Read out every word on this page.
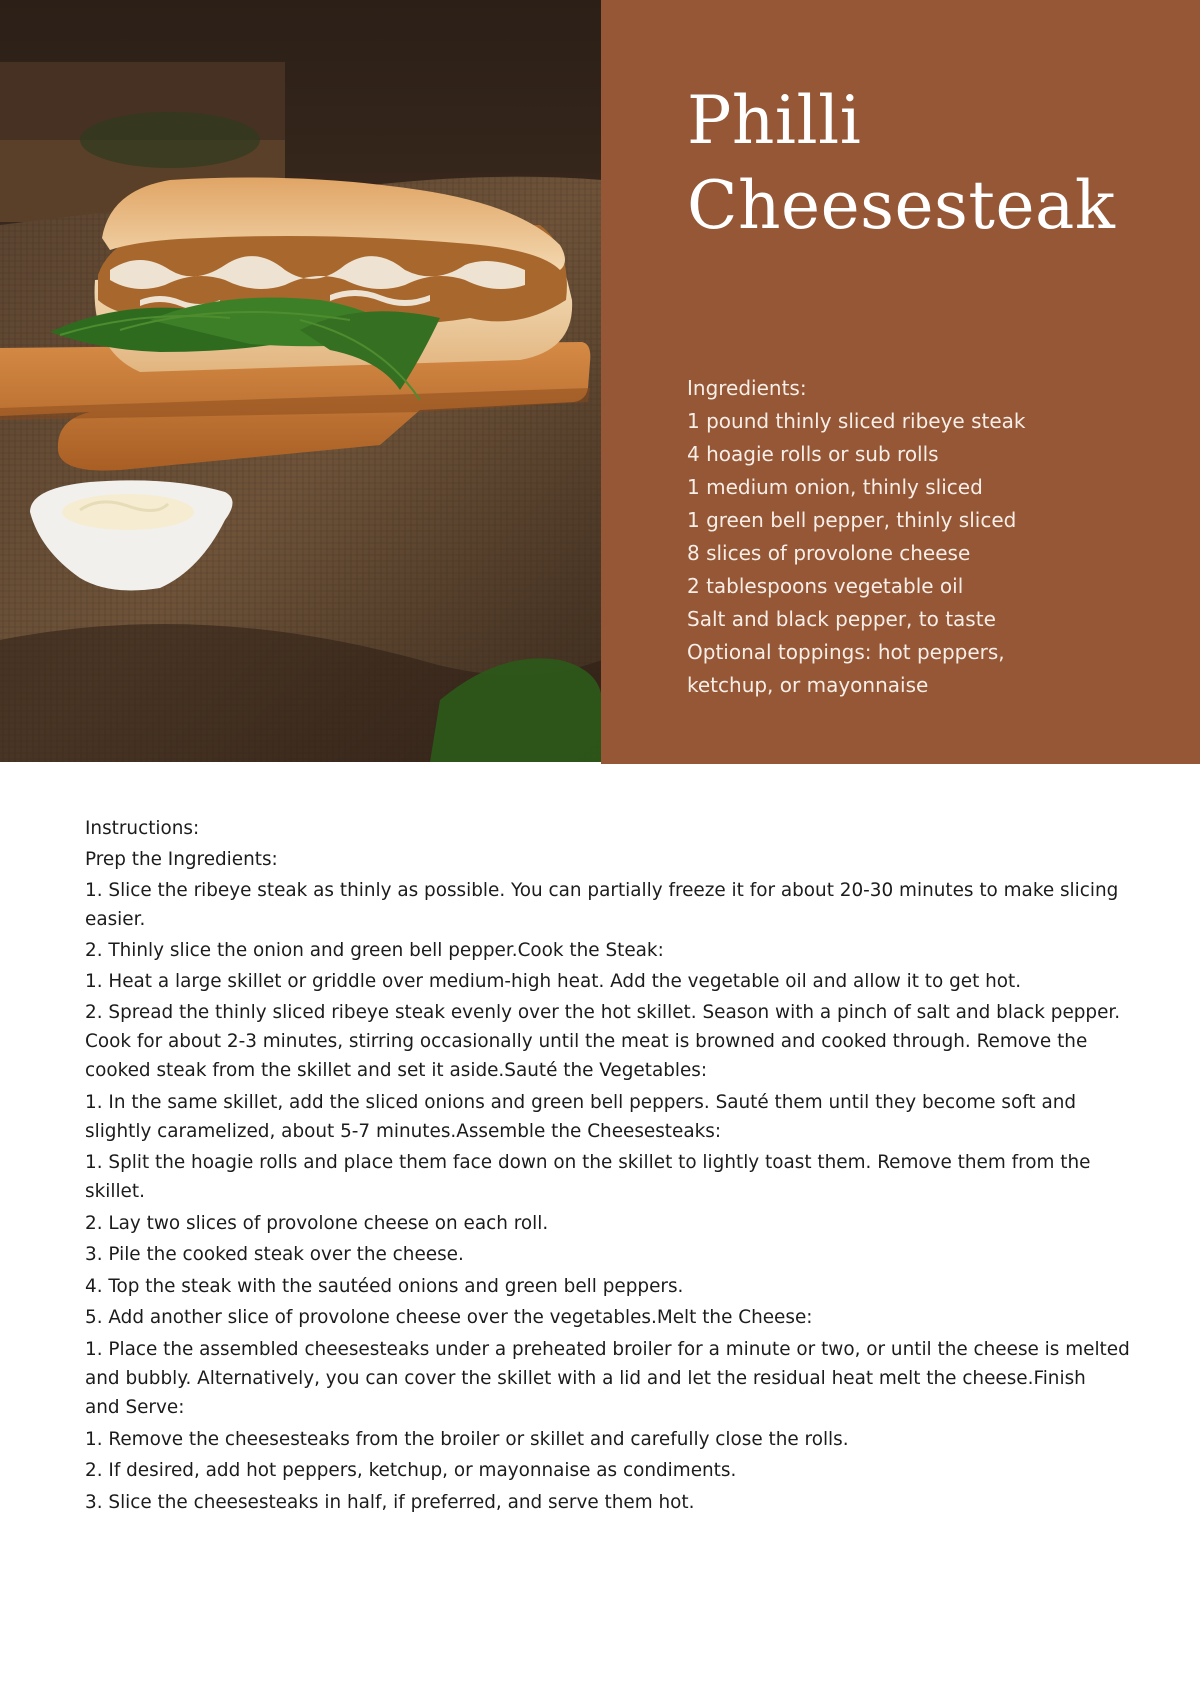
Philli
Cheesesteak
Ingredients:
1 pound thinly sliced ribeye steak
4 hoagie rolls or sub rolls
1 medium onion, thinly sliced
1 green bell pepper, thinly sliced
8 slices of provolone cheese
2 tablespoons vegetable oil
Salt and black pepper, to taste
Optional toppings: hot peppers,
ketchup, or mayonnaise
Instructions:
Prep the Ingredients:
1. Slice the ribeye steak as thinly as possible. You can partially freeze it for about 20-30 minutes to make slicing
easier.
2. Thinly slice the onion and green bell pepper.Cook the Steak:
1. Heat a large skillet or griddle over medium-high heat. Add the vegetable oil and allow it to get hot.
2. Spread the thinly sliced ribeye steak evenly over the hot skillet. Season with a pinch of salt and black pepper.
Cook for about 2-3 minutes, stirring occasionally until the meat is browned and cooked through. Remove the
cooked steak from the skillet and set it aside.Sauté the Vegetables:
1. In the same skillet, add the sliced onions and green bell peppers. Sauté them until they become soft and
slightly caramelized, about 5-7 minutes.Assemble the Cheesesteaks:
1. Split the hoagie rolls and place them face down on the skillet to lightly toast them. Remove them from the
skillet.
2. Lay two slices of provolone cheese on each roll.
3. Pile the cooked steak over the cheese.
4. Top the steak with the sautéed onions and green bell peppers.
5. Add another slice of provolone cheese over the vegetables.Melt the Cheese:
1. Place the assembled cheesesteaks under a preheated broiler for a minute or two, or until the cheese is melted
and bubbly. Alternatively, you can cover the skillet with a lid and let the residual heat melt the cheese.Finish
and Serve:
1. Remove the cheesesteaks from the broiler or skillet and carefully close the rolls.
2. If desired, add hot peppers, ketchup, or mayonnaise as condiments.
3. Slice the cheesesteaks in half, if preferred, and serve them hot.
